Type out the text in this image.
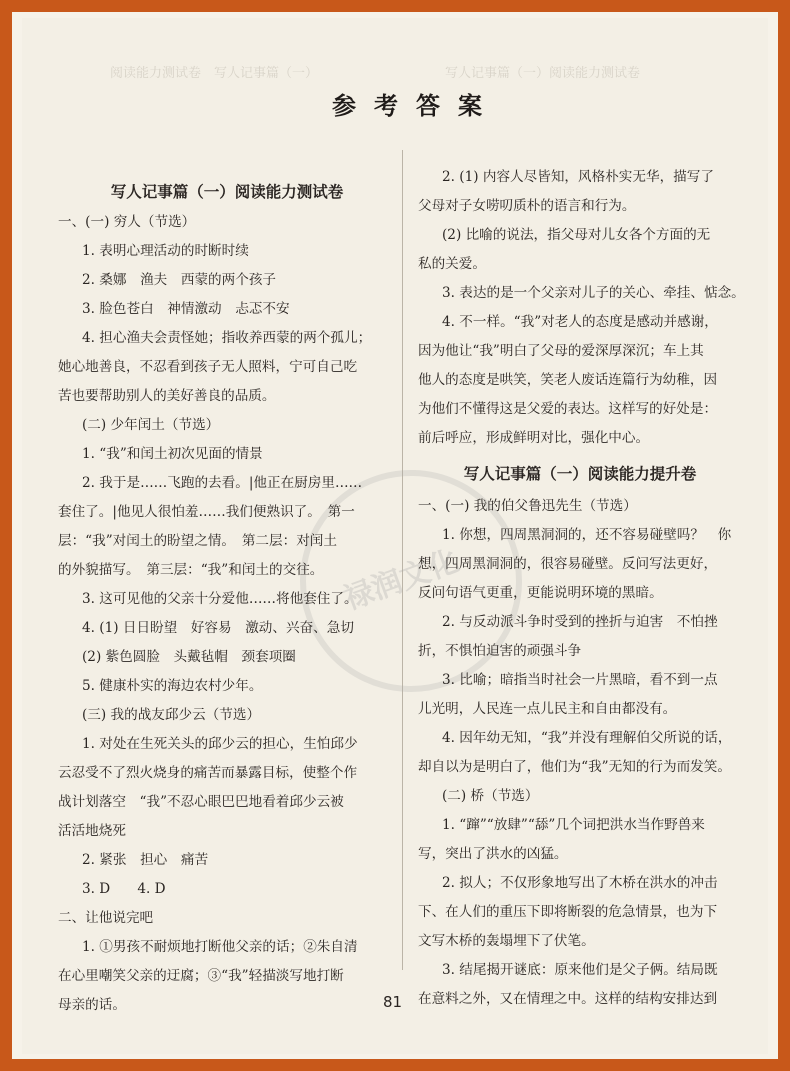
阅读能力测试卷　写人记事篇（一）	写人记事篇（一）阅读能力测试卷
参考答案
禄润文化

写人记事篇（一）阅读能力测试卷

一、(一) 穷人（节选）

1. 表明心理活动的时断时续

2. 桑娜　渔夫　西蒙的两个孩子

3. 脸色苍白　神情激动　忐忑不安

4. 担心渔夫会责怪她；指收养西蒙的两个孤儿；

她心地善良，不忍看到孩子无人照料，宁可自己吃

苦也要帮助别人的美好善良的品质。

(二) 少年闰土（节选）

1. “我”和闰土初次见面的情景

2. 我于是……飞跑的去看。|他正在厨房里……

套住了。|他见人很怕羞……我们便熟识了。　第一

层：“我”对闰土的盼望之情。　第二层：对闰土

的外貌描写。　第三层：“我”和闰土的交往。

3. 这可见他的父亲十分爱他……将他套住了。

4. (1) 日日盼望　好容易　激动、兴奋、急切

(2) 紫色圆脸　头戴毡帽　颈套项圈

5. 健康朴实的海边农村少年。

(三) 我的战友邱少云（节选）

1. 对处在生死关头的邱少云的担心，生怕邱少

云忍受不了烈火烧身的痛苦而暴露目标，使整个作

战计划落空　“我”不忍心眼巴巴地看着邱少云被

活活地烧死

2. 紧张　担心　痛苦

3. D　　4. D

二、让他说完吧

1. ①男孩不耐烦地打断他父亲的话；②朱自清

在心里嘲笑父亲的迂腐；③“我”轻描淡写地打断

母亲的话。

2. (1) 内容人尽皆知，风格朴实无华，描写了

父母对子女唠叨质朴的语言和行为。

(2) 比喻的说法，指父母对儿女各个方面的无

私的关爱。

3. 表达的是一个父亲对儿子的关心、牵挂、惦念。

4. 不一样。“我”对老人的态度是感动并感谢，

因为他让“我”明白了父母的爱深厚深沉；车上其

他人的态度是哄笑，笑老人废话连篇行为幼稚，因

为他们不懂得这是父爱的表达。这样写的好处是：

前后呼应，形成鲜明对比，强化中心。

写人记事篇（一）阅读能力提升卷

一、(一) 我的伯父鲁迅先生（节选）

1. 你想，四周黑洞洞的，还不容易碰壁吗？　你

想，四周黑洞洞的，很容易碰壁。反问写法更好，

反问句语气更重，更能说明环境的黑暗。

2. 与反动派斗争时受到的挫折与迫害　不怕挫

折，不惧怕迫害的顽强斗争

3. 比喻；暗指当时社会一片黑暗，看不到一点

儿光明，人民连一点儿民主和自由都没有。

4. 因年幼无知，“我”并没有理解伯父所说的话，

却自以为是明白了，他们为“我”无知的行为而发笑。

(二) 桥（节选）

1. “蹿”“放肆”“舔”几个词把洪水当作野兽来

写，突出了洪水的凶猛。

2. 拟人；不仅形象地写出了木桥在洪水的冲击

下、在人们的重压下即将断裂的危急情景，也为下

文写木桥的轰塌埋下了伏笔。

3. 结尾揭开谜底：原来他们是父子俩。结局既

在意料之外，又在情理之中。这样的结构安排达到

81
